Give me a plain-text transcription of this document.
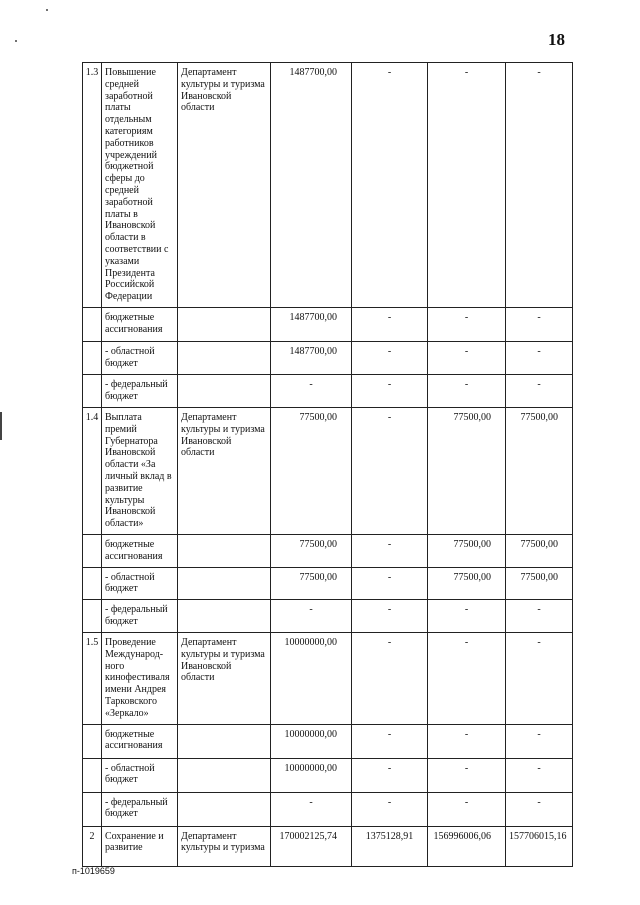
18
1.3	Повышение средней заработной платы отдельным категориям работников учреждений бюджетной сферы до средней заработной платы в Ивановской области в соответствии с указами Президента Российской Федерации	Департамент культуры и туризма Ивановской области	1487700,00	-	-	-
	бюджетные ассигнования		1487700,00	-	-	-
	- областной бюджет		1487700,00	-	-	-
	- федеральный бюджет		-	-	-	-
1.4	Выплата премий Губернатора Ивановской области «За личный вклад в развитие культуры Ивановской области»	Департамент культуры и туризма Ивановской области	77500,00	-	77500,00	77500,00
	бюджетные ассигнования		77500,00	-	77500,00	77500,00
	- областной бюджет		77500,00	-	77500,00	77500,00
	- федеральный бюджет		-	-	-	-
1.5	Проведение Международ-ного кинофестиваля имени Андрея Тарковского «Зеркало»	Департамент культуры и туризма Ивановской области	10000000,00	-	-	-
	бюджетные ассигнования		10000000,00	-	-	-
	- областной бюджет		10000000,00	-	-	-
	- федеральный бюджет		-	-	-	-
2	Сохранение и развитие	Департамент культуры и туризма	170002125,74	1375128,91	156996006,06	157706015,16
п-1019659
